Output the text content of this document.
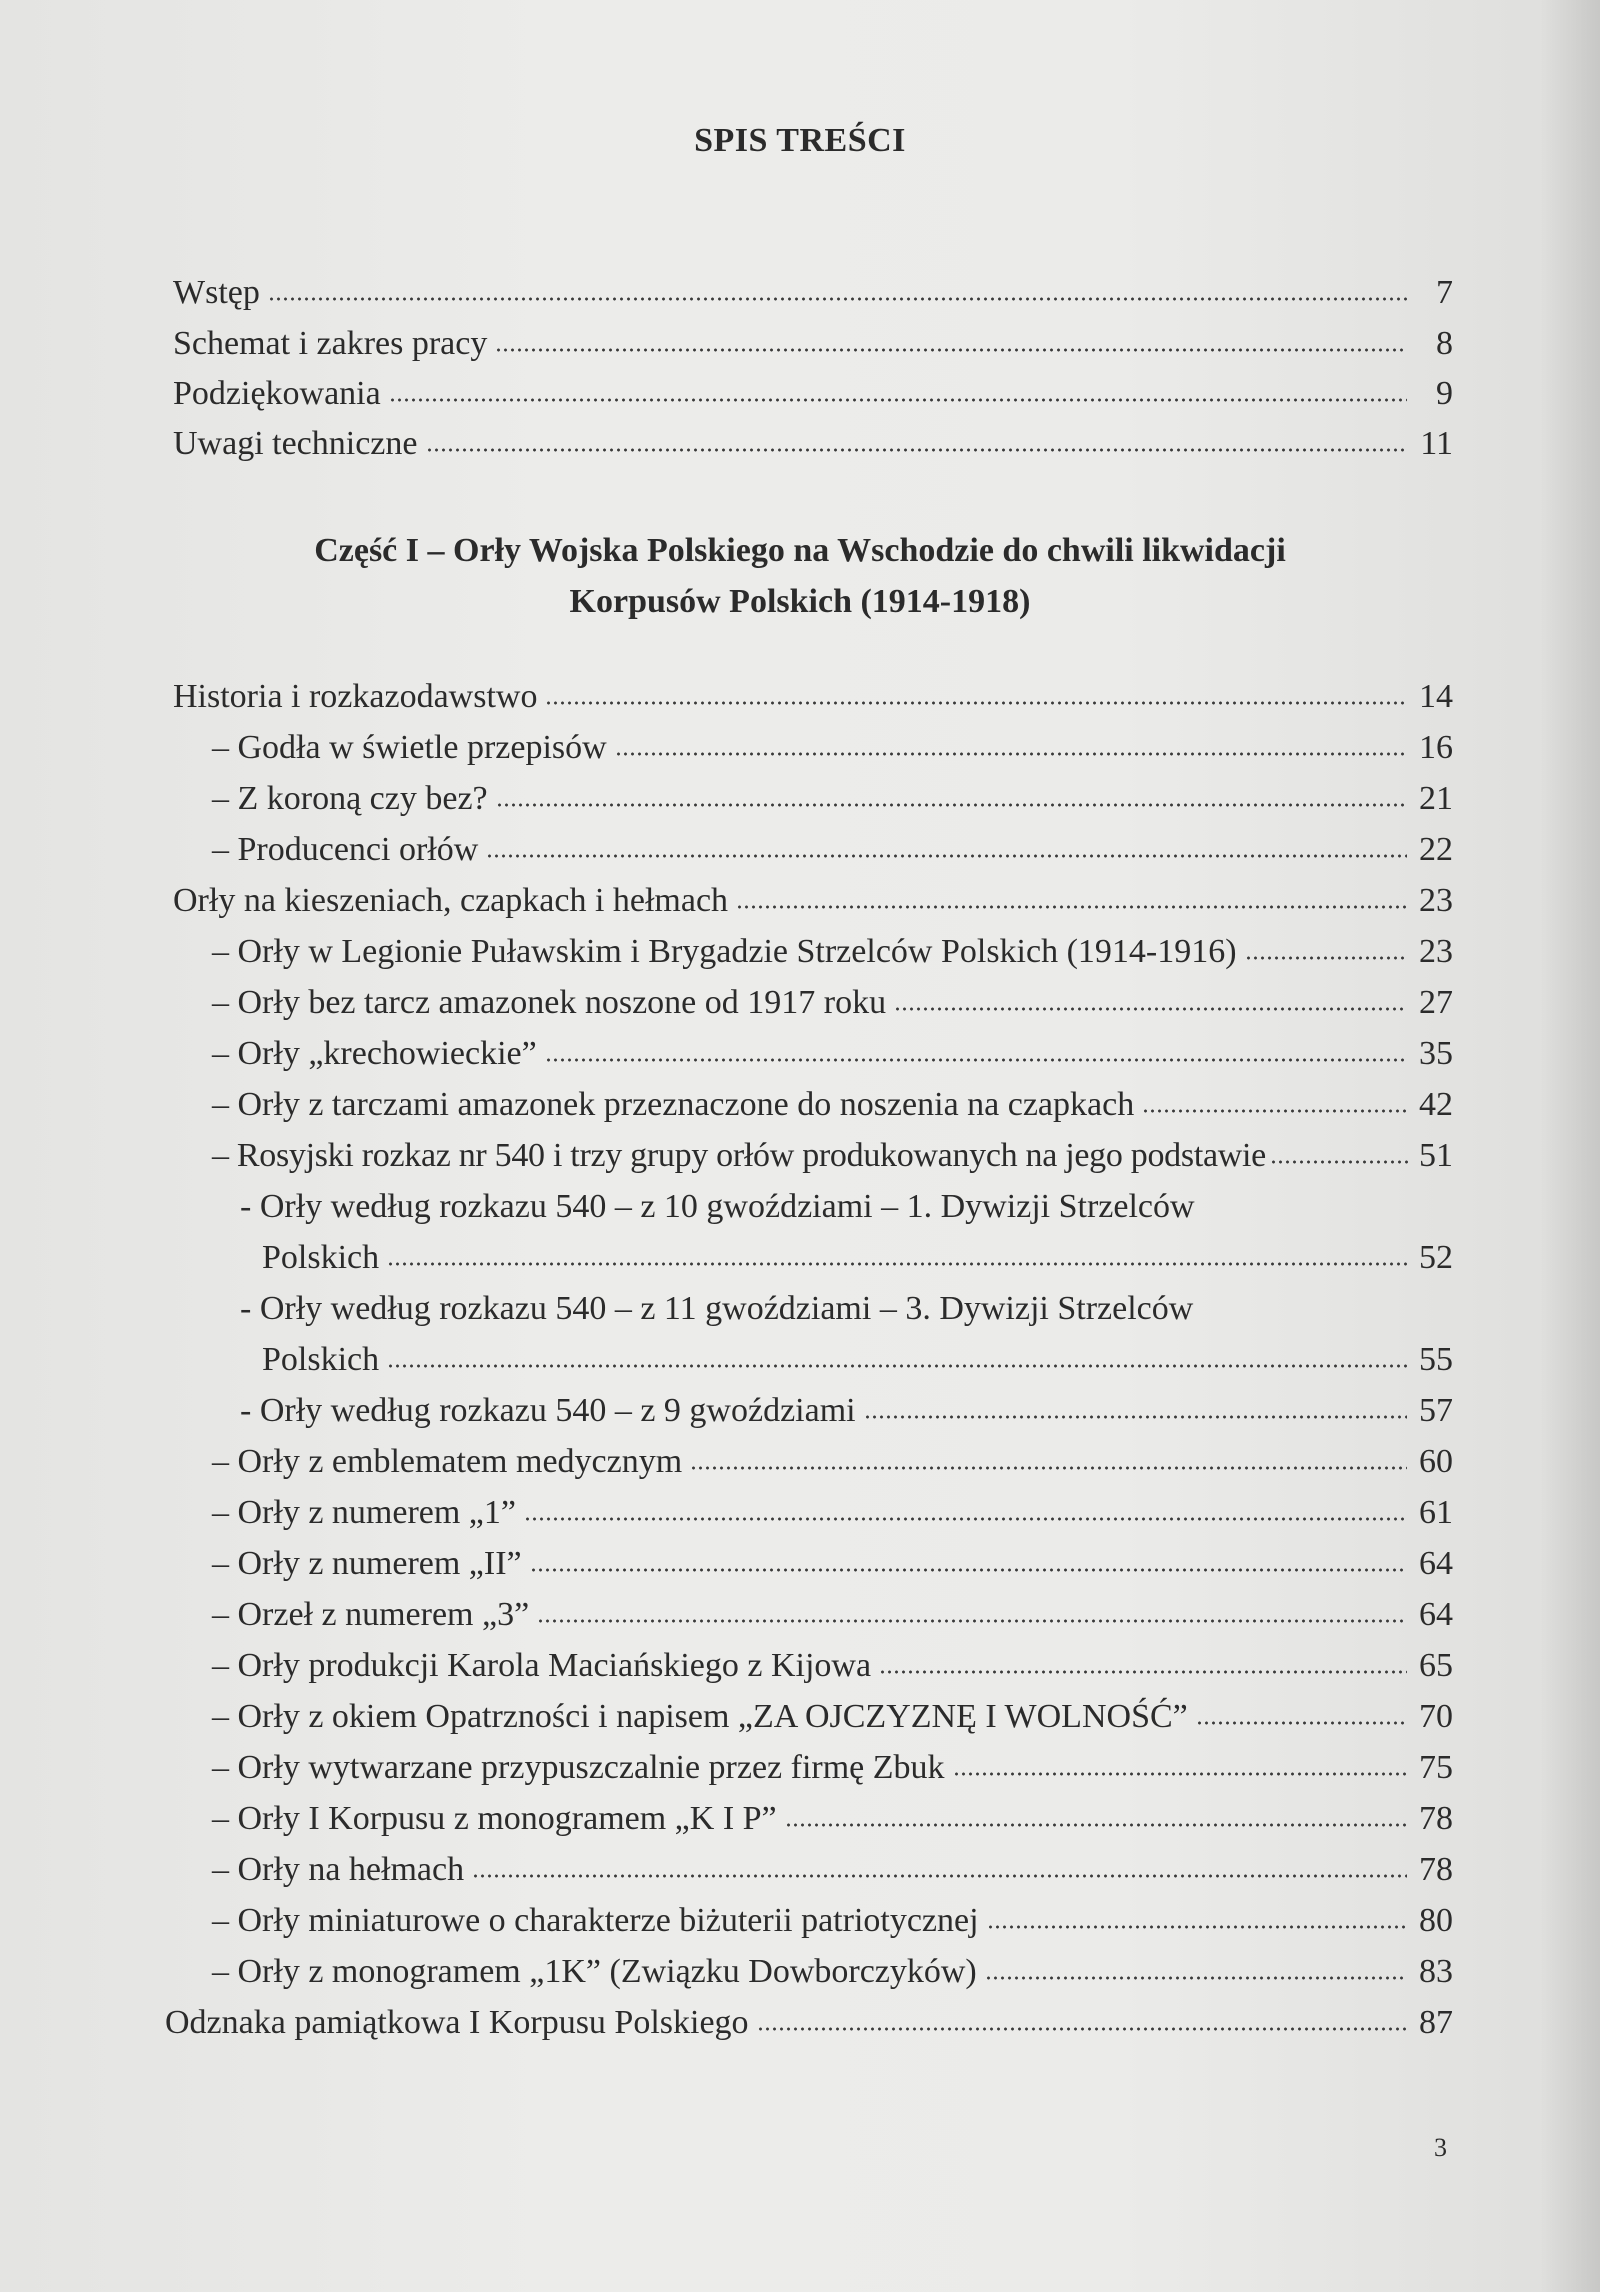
SPIS TREŚCI
Wstęp	7
Schemat i zakres pracy	8
Podziękowania	9
Uwagi techniczne	11
Część I – Orły Wojska Polskiego na Wschodzie do chwili likwidacji
Korpusów Polskich (1914-1918)
Historia i rozkazodawstwo	14
– Godła w świetle przepisów	16
– Z koroną czy bez?	21
– Producenci orłów	22
Orły na kieszeniach, czapkach i hełmach	23
– Orły w Legionie Puławskim i Brygadzie Strzelców Polskich (1914-1916)	23
– Orły bez tarcz amazonek noszone od 1917 roku	27
– Orły „krechowieckie”	35
– Orły z tarczami amazonek przeznaczone do noszenia na czapkach	42
– Rosyjski rozkaz nr 540 i trzy grupy orłów produkowanych na jego podstawie	51
- Orły według rozkazu 540 – z 10 gwoździami – 1. Dywizji Strzelców
Polskich	52
- Orły według rozkazu 540 – z 11 gwoździami – 3. Dywizji Strzelców
Polskich	55
- Orły według rozkazu 540 – z 9 gwoździami	57
– Orły z emblematem medycznym	60
– Orły z numerem „1”	61
– Orły z numerem „II”	64
– Orzeł z numerem „3”	64
– Orły produkcji Karola Maciańskiego z Kijowa	65
– Orły z okiem Opatrzności i napisem „ZA OJCZYZNĘ I WOLNOŚĆ”	70
– Orły wytwarzane przypuszczalnie przez firmę Zbuk	75
– Orły I Korpusu z monogramem „K I P”	78
– Orły na hełmach	78
– Orły miniaturowe o charakterze biżuterii patriotycznej	80
– Orły z monogramem „1K” (Związku Dowborczyków)	83
Odznaka pamiątkowa I Korpusu Polskiego	87
3
